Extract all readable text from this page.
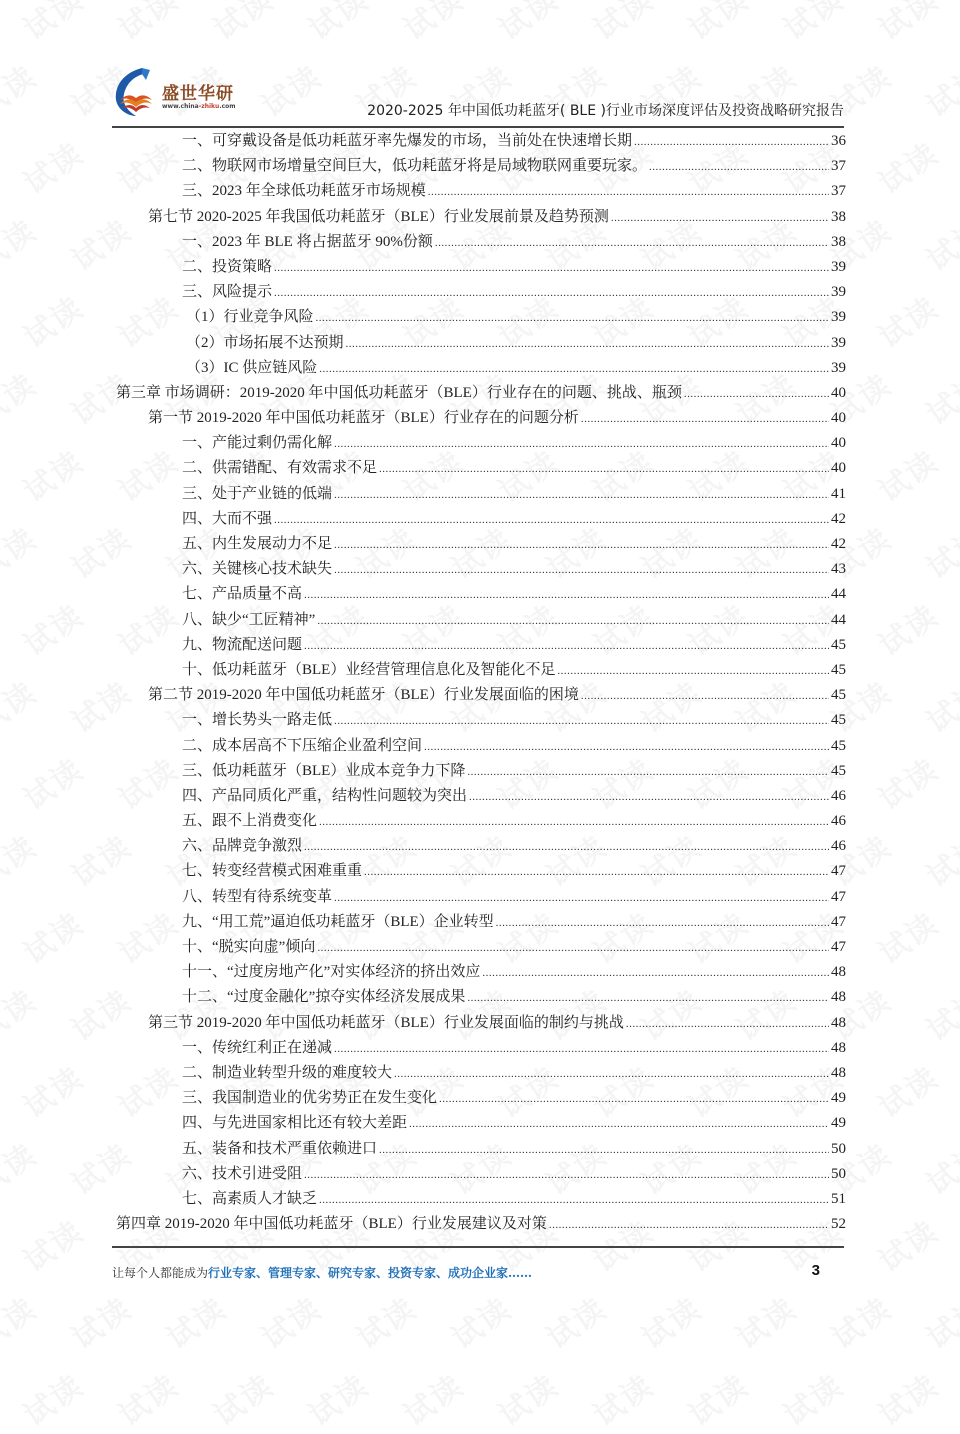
盛世华研
www.china-zhiku.com	2020-2025 年中国低功耗蓝牙( BLE )行业市场深度评估及投资战略研究报告
一、可穿戴设备是低功耗蓝牙率先爆发的市场，当前处在快速增长期 .....	36
二、物联网市场增量空间巨大，低功耗蓝牙将是局域物联网重要玩家。 .....	37
三、2023 年全球低功耗蓝牙市场规模 .....	37
第七节 2020-2025 年我国低功耗蓝牙（BLE）行业发展前景及趋势预测 .....	38
一、2023 年 BLE 将占据蓝牙 90%份额 .....	38
二、投资策略 .....	39
三、风险提示 .....	39
（1）行业竞争风险 .....	39
（2）市场拓展不达预期 .....	39
（3）IC 供应链风险 .....	39
第三章 市场调研：2019-2020 年中国低功耗蓝牙（BLE）行业存在的问题、挑战、瓶颈 .....	40
第一节 2019-2020 年中国低功耗蓝牙（BLE）行业存在的问题分析 .....	40
一、产能过剩仍需化解 .....	40
二、供需错配、有效需求不足 .....	40
三、处于产业链的低端 .....	41
四、大而不强 .....	42
五、内生发展动力不足 .....	42
六、关键核心技术缺失 .....	43
七、产品质量不高 .....	44
八、缺少“工匠精神” .....	44
九、物流配送问题 .....	45
十、低功耗蓝牙（BLE）业经营管理信息化及智能化不足 .....	45
第二节 2019-2020 年中国低功耗蓝牙（BLE）行业发展面临的困境 .....	45
一、增长势头一路走低 .....	45
二、成本居高不下压缩企业盈利空间 .....	45
三、低功耗蓝牙（BLE）业成本竞争力下降 .....	45
四、产品同质化严重，结构性问题较为突出 .....	46
五、跟不上消费变化 .....	46
六、品牌竞争激烈 .....	46
七、转变经营模式困难重重 .....	47
八、转型有待系统变革 .....	47
九、“用工荒”逼迫低功耗蓝牙（BLE）企业转型 .....	47
十、“脱实向虚”倾向 .....	47
十一、“过度房地产化”对实体经济的挤出效应 .....	48
十二、“过度金融化”掠夺实体经济发展成果 .....	48
第三节 2019-2020 年中国低功耗蓝牙（BLE）行业发展面临的制约与挑战 .....	48
一、传统红利正在递减 .....	48
二、制造业转型升级的难度较大 .....	48
三、我国制造业的优劣势正在发生变化 .....	49
四、与先进国家相比还有较大差距 .....	49
五、装备和技术严重依赖进口 .....	50
六、技术引进受阻 .....	50
七、高素质人才缺乏 .....	51
第四章 2019-2020 年中国低功耗蓝牙（BLE）行业发展建议及对策 .....	52
让每个人都能成为行业专家、管理专家、研究专家、投资专家、成功企业家……	3
